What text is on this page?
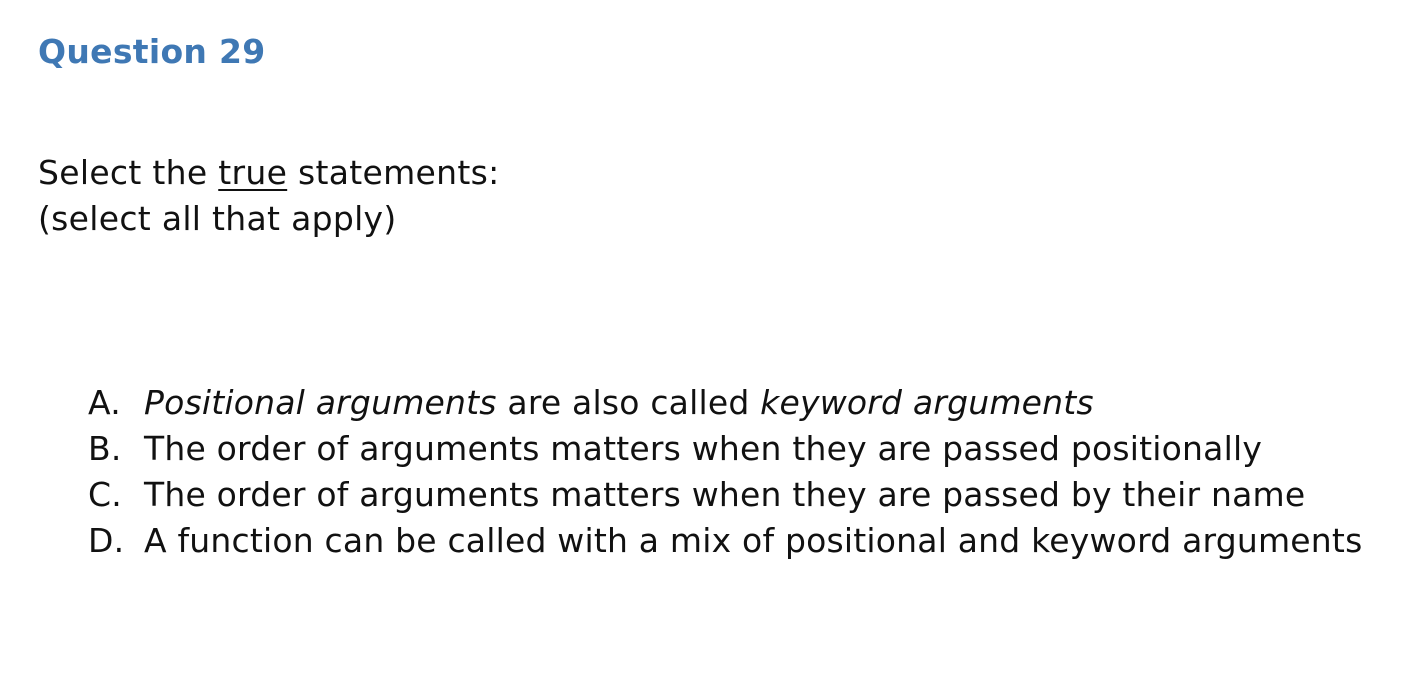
Question 29
Select the true statements:
(select all that apply)
A. Positional arguments are also called keyword arguments
B. The order of arguments matters when they are passed positionally
C. The order of arguments matters when they are passed by their name
D. A function can be called with a mix of positional and keyword arguments
